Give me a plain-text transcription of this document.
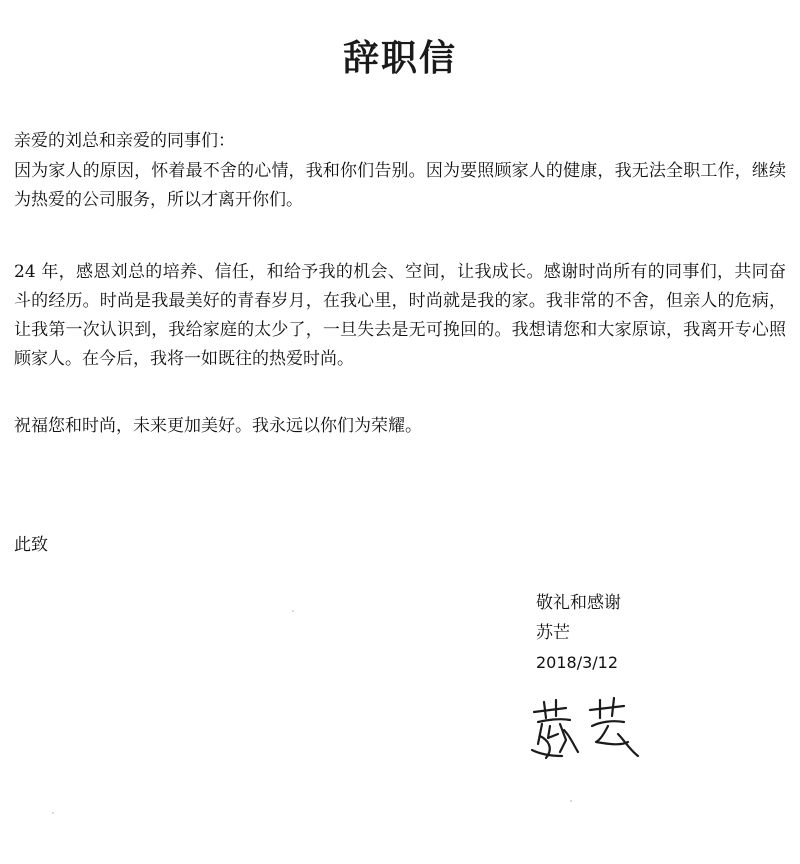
辞职信
亲爱的刘总和亲爱的同事们：

因为家人的原因，怀着最不舍的心情，我和你们告别。因为要照顾家人的健康，我无法全职工作，继续为热爱的公司服务，所以才离开你们。

24 年，感恩刘总的培养、信任，和给予我的机会、空间，让我成长。感谢时尚所有的同事们，共同奋斗的经历。时尚是我最美好的青春岁月，在我心里，时尚就是我的家。我非常的不舍，但亲人的危病，让我第一次认识到，我给家庭的太少了，一旦失去是无可挽回的。我想请您和大家原谅，我离开专心照顾家人。在今后，我将一如既往的热爱时尚。

祝福您和时尚，未来更加美好。我永远以你们为荣耀。

此致
敬礼和感谢
苏芒
2018/3/12
